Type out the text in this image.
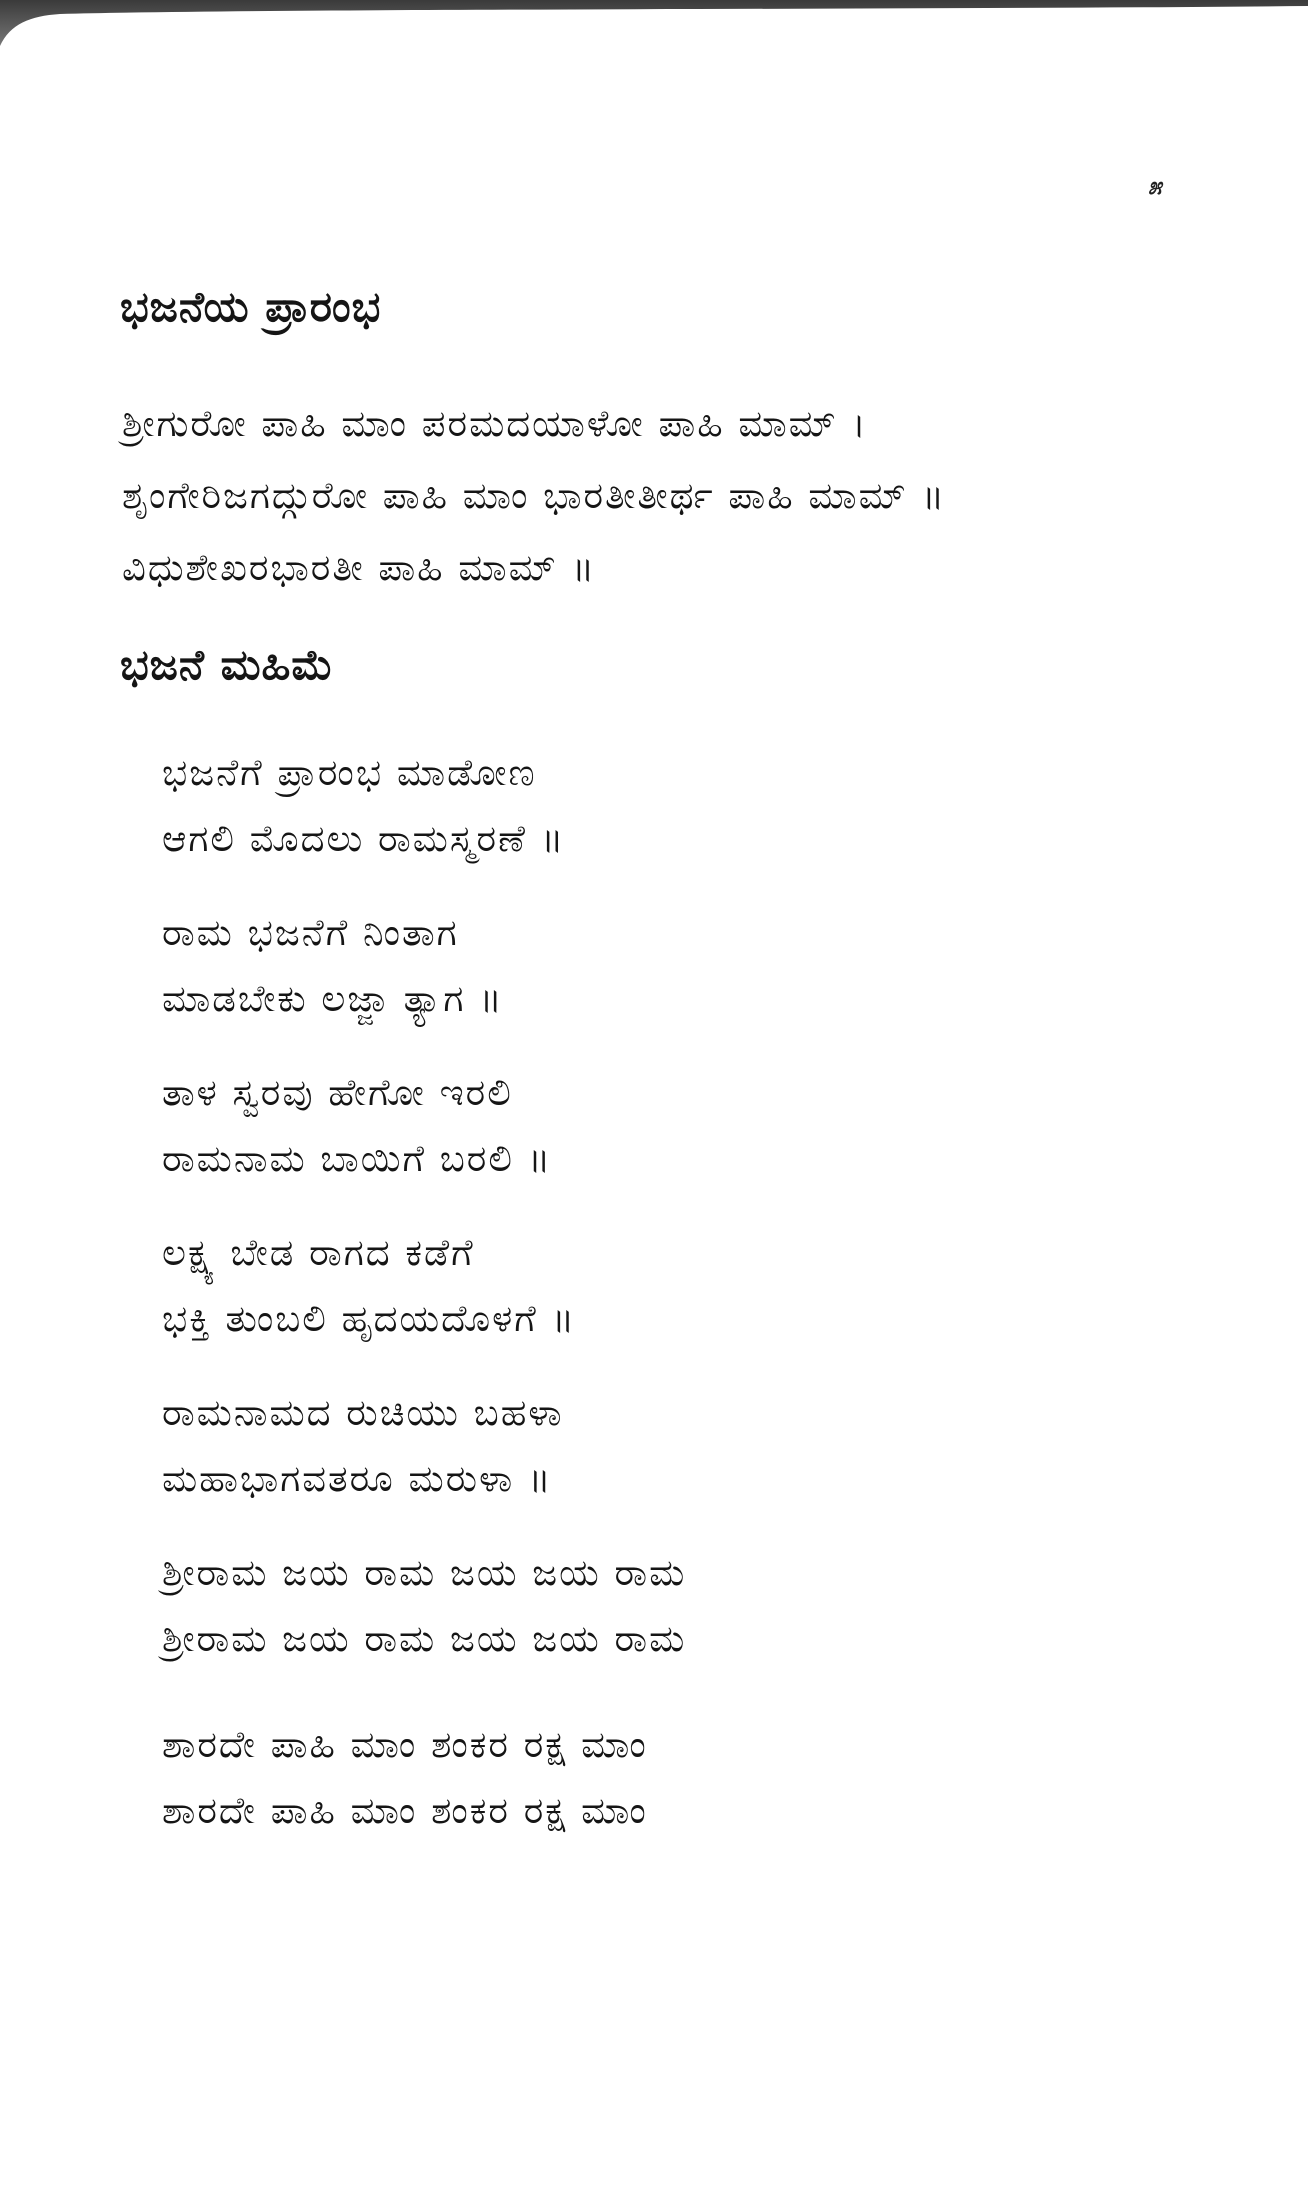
೫
ಭಜನೆಯ ಪ್ರಾರಂಭ
ಶ್ರೀಗುರೋ ಪಾಹಿ ಮಾಂ ಪರಮದಯಾಳೋ ಪಾಹಿ ಮಾಮ್ ।
ಶೃಂಗೇರಿಜಗದ್ಗುರೋ ಪಾಹಿ ಮಾಂ ಭಾರತೀತೀರ್ಥ ಪಾಹಿ ಮಾಮ್ ॥
ವಿಧುಶೇಖರಭಾರತೀ ಪಾಹಿ ಮಾಮ್ ॥
ಭಜನೆ ಮಹಿಮೆ
ಭಜನೆಗೆ ಪ್ರಾರಂಭ ಮಾಡೋಣ
ಆಗಲಿ ಮೊದಲು ರಾಮಸ್ಮರಣೆ ॥
ರಾಮ ಭಜನೆಗೆ ನಿಂತಾಗ
ಮಾಡಬೇಕು ಲಜ್ಜಾ ತ್ಯಾಗ ॥
ತಾಳ ಸ್ವರವು ಹೇಗೋ ಇರಲಿ
ರಾಮನಾಮ ಬಾಯಿಗೆ ಬರಲಿ ॥
ಲಕ್ಷ್ಯ ಬೇಡ ರಾಗದ ಕಡೆಗೆ
ಭಕ್ತಿ ತುಂಬಲಿ ಹೃದಯದೊಳಗೆ ॥
ರಾಮನಾಮದ ರುಚಿಯು ಬಹಳಾ
ಮಹಾಭಾಗವತರೂ ಮರುಳಾ ॥
ಶ್ರೀರಾಮ ಜಯ ರಾಮ ಜಯ ಜಯ ರಾಮ
ಶ್ರೀರಾಮ ಜಯ ರಾಮ ಜಯ ಜಯ ರಾಮ
ಶಾರದೇ ಪಾಹಿ ಮಾಂ ಶಂಕರ ರಕ್ಷ ಮಾಂ
ಶಾರದೇ ಪಾಹಿ ಮಾಂ ಶಂಕರ ರಕ್ಷ ಮಾಂ
